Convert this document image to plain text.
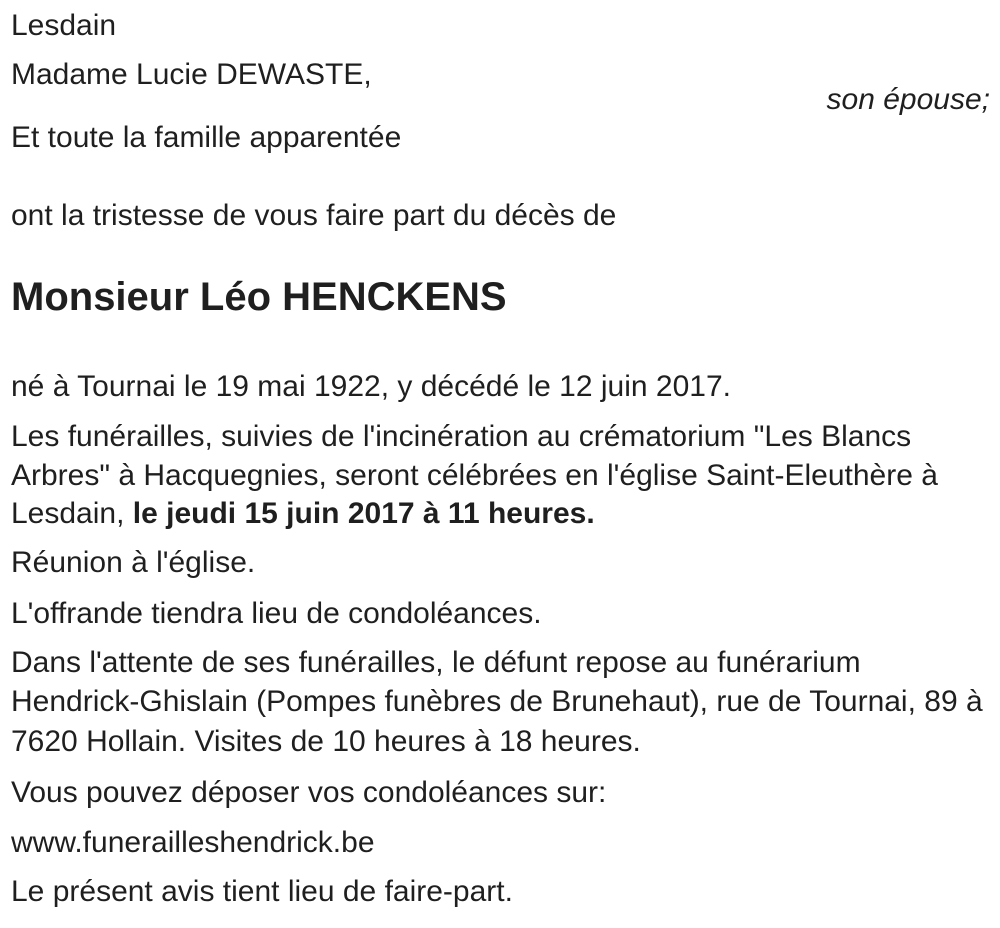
Lesdain
Madame Lucie DEWASTE,
son épouse;
Et toute la famille apparentée
ont la tristesse de vous faire part du décès de
Monsieur Léo HENCKENS
né à Tournai le 19 mai 1922, y décédé le 12 juin 2017.
Les funérailles, suivies de l'incinération au crématorium "Les Blancs
Arbres" à Hacquegnies, seront célébrées en l'église Saint-Eleuthère à
Lesdain, le jeudi 15 juin 2017 à 11 heures.
Réunion à l'église.
L'offrande tiendra lieu de condoléances.
Dans l'attente de ses funérailles, le défunt repose au funérarium
Hendrick-Ghislain (Pompes funèbres de Brunehaut), rue de Tournai, 89 à
7620 Hollain. Visites de 10 heures à 18 heures.
Vous pouvez déposer vos condoléances sur:
www.funerailleshendrick.be
Le présent avis tient lieu de faire-part.
